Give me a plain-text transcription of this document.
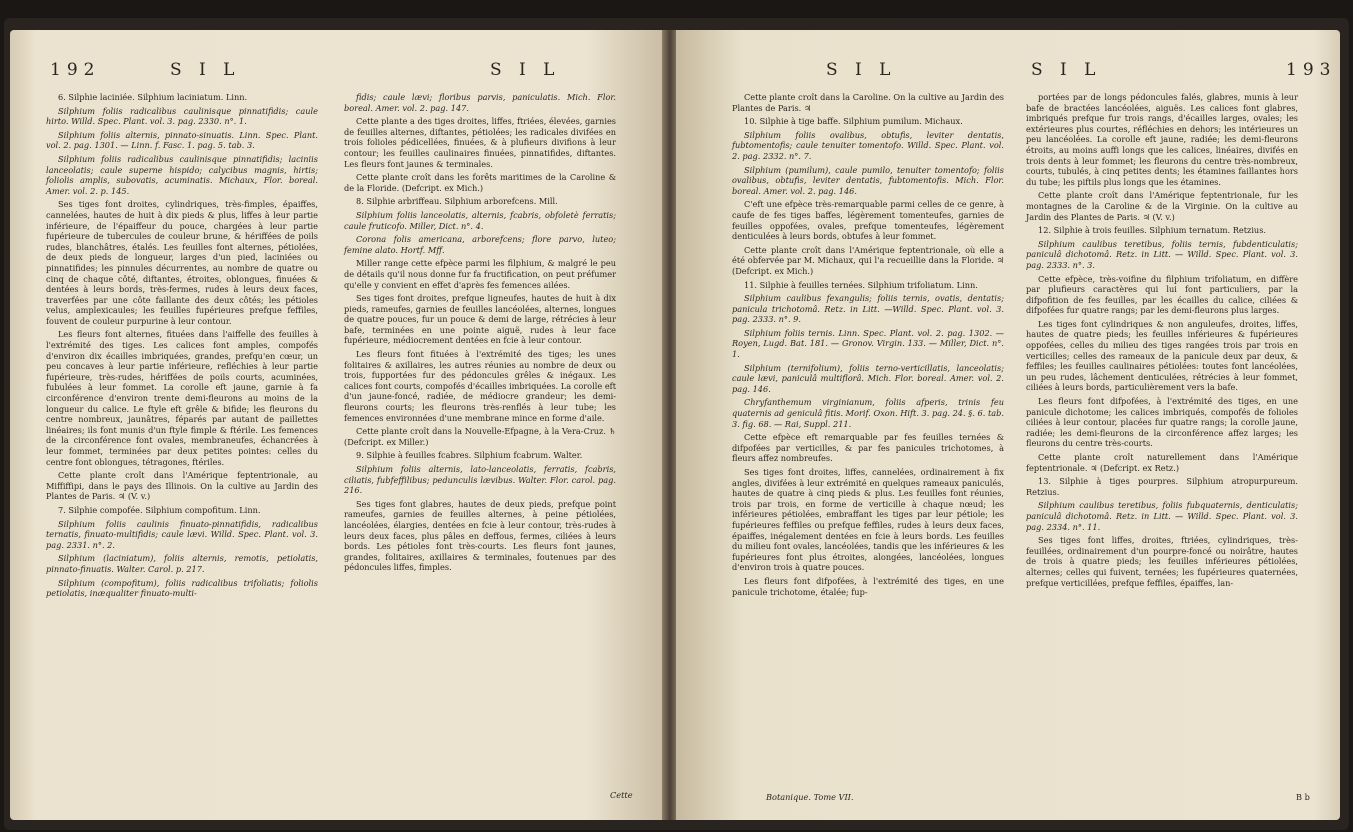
192	S I L	S I L

6. Silphie laciniée. Silphium laciniatum. Linn.

Silphium foliis radicalibus caulinisque pinnatifidis; caule hirto. Willd. Spec. Plant. vol. 3. pag. 2330. n°. 1.

Silphium foliis alternis, pinnato-sinuatis. Linn. Spec. Plant. vol. 2. pag. 1301. — Linn. f. Fasc. 1. pag. 5. tab. 3.

Silphium foliis radicalibus caulinisque pinnatifidis; laciniis lanceolatis; caule superne hispido; calycibus magnis, hirtis; foliolis amplis, subovatis, acuminatis. Michaux, Flor. boreal. Amer. vol. 2. p. 145.

Ses tiges font droites, cylindriques, très-fimples, épaiffes, cannelées, hautes de huit à dix pieds & plus, liffes à leur partie inférieure, de l'épaiffeur du pouce, chargées à leur partie fupérieure de tubercules de couleur brune, & hériffées de poils rudes, blanchâtres, étalés. Les feuilles font alternes, pétiolées, de deux pieds de longueur, larges d'un pied, laciniées ou pinnatifides; les pinnules décurrentes, au nombre de quatre ou cinq de chaque côté, diftantes, étroites, oblongues, finuées & dentées à leurs bords, très-fermes, rudes à leurs deux faces, traverfées par une côte faillante des deux côtés; les pétioles velus, amplexicaules; les feuilles fupérieures prefque feffiles, fouvent de couleur purpurine à leur contour.

Les fleurs font alternes, fituées dans l'aiffelle des feuilles à l'extrémité des tiges. Les calices font amples, compofés d'environ dix écailles imbriquées, grandes, prefqu'en cœur, un peu concaves à leur partie inférieure, refléchies à leur partie fupérieure, très-rudes, hériffées de poils courts, acuminées, fubulées à leur fommet. La corolle eft jaune, garnie à fa circonférence d'environ trente demi-fleurons au moins de la longueur du calice. Le ftyle eft grêle & bifide; les fleurons du centre nombreux, jaunâtres, féparés par autant de paillettes linéaires; ils font munis d'un ftyle fimple & ftérile. Les femences de la circonférence font ovales, membraneufes, échancrées à leur fommet, terminées par deux petites pointes: celles du centre font oblongues, tétragones, ftériles.

Cette plante croît dans l'Amérique feptentrionale, au Miffiffipi, dans le pays des Illinois. On la cultive au Jardin des Plantes de Paris. ♃ (V. v.)

7. Silphie compofée. Silphium compofitum. Linn.

Silphium foliis caulinis finuato-pinnatifidis, radicalibus ternatis, finuato-multifidis; caule lævi. Willd. Spec. Plant. vol. 3. pag. 2331. n°. 2.

Silphium (laciniatum), foliis alternis, remotis, petiolatis, pinnato-finuatis. Walter. Carol. p. 217.

Silphium (compofitum), foliis radicalibus trifoliatis; foliolis petiolatis, inæqualiter finuato-multi-

fidis; caule lævi; floribus parvis, paniculatis. Mich. Flor. boreal. Amer. vol. 2. pag. 147.

Cette plante a des tiges droites, liffes, ftriées, élevées, garnies de feuilles alternes, diftantes, pétiolées; les radicales divifées en trois folioles pédicellées, finuées, & à plufieurs divifions à leur contour; les feuilles caulinaires finuées, pinnatifides, diftantes. Les fleurs font jaunes & terminales.

Cette plante croît dans les forêts maritimes de la Caroline & de la Floride. (Defcript. ex Mich.)

8. Silphie arbriffeau. Silphium arborefcens. Mill.

Silphium foliis lanceolatis, alternis, fcabris, obfoletè ferratis; caule fruticofo. Miller, Dict. n°. 4.

Corona folis americana, arborefcens; flore parvo, luteo; femine alato. Hortf. Mff.

Miller range cette efpèce parmi les filphium, & malgré le peu de détails qu'il nous donne fur fa fructification, on peut préfumer qu'elle y convient en effet d'après fes femences ailées.

Ses tiges font droites, prefque ligneufes, hautes de huit à dix pieds, rameufes, garnies de feuilles lancéolées, alternes, longues de quatre pouces, fur un pouce & demi de large, rétrécies à leur bafe, terminées en une pointe aiguë, rudes à leur face fupérieure, médiocrement dentées en fcie à leur contour.

Les fleurs font fituées à l'extrémité des tiges; les unes folitaires & axillaires, les autres réunies au nombre de deux ou trois, fupportées fur des pédoncules grêles & inégaux. Les calices font courts, compofés d'écailles imbriquées. La corolle eft d'un jaune-foncé, radiée, de médiocre grandeur; les demi-fleurons courts; les fleurons très-renflés à leur tube; les femences environnées d'une membrane mince en forme d'aile.

Cette plante croît dans la Nouvelle-Efpagne, à la Vera-Cruz. ♄ (Defcript. ex Miller.)

9. Silphie à feuilles fcabres. Silphium fcabrum. Walter.

Silphium foliis alternis, lato-lanceolatis, ferratis, fcabris, ciliatis, fubfeffilibus; pedunculis lævibus. Walter. Flor. carol. pag. 216.

Ses tiges font glabres, hautes de deux pieds, prefque point rameufes, garnies de feuilles alternes, à peine pétiolées, lancéolées, élargies, dentées en fcie à leur contour, très-rudes à leurs deux faces, plus pâles en deffous, fermes, ciliées à leurs bords. Les pétioles font très-courts. Les fleurs font jaunes, grandes, folitaires, axillaires & terminales, foutenues par des pédoncules liffes, fimples.

Cette
S I L	S I L	193

Cette plante croît dans la Caroline. On la cultive au Jardin des Plantes de Paris. ♃

10. Silphie à tige baffe. Silphium pumilum. Michaux.

Silphium foliis ovalibus, obtufis, leviter dentatis, fubtomentofis; caule tenuiter tomentofo. Willd. Spec. Plant. vol. 2. pag. 2332. n°. 7.

Silphium (pumilum), caule pumilo, tenuiter tomentofo; foliis ovalibus, obtufis, leviter dentatis, fubtomentofis. Mich. Flor. boreal. Amer. vol. 2. pag. 146.

C'eft une efpèce très-remarquable parmi celles de ce genre, à caufe de fes tiges baffes, légèrement tomenteufes, garnies de feuilles oppofées, ovales, prefque tomenteufes, légèrement denticulées à leurs bords, obtufes à leur fommet.

Cette plante croît dans l'Amérique feptentrionale, où elle a été obfervée par M. Michaux, qui l'a recueillie dans la Floride. ♃ (Defcript. ex Mich.)

11. Silphie à feuilles ternées. Silphium trifoliatum. Linn.

Silphium caulibus fexangulis; foliis ternis, ovatis, dentatis; panicula trichotomâ. Retz. in Litt. —Willd. Spec. Plant. vol. 3. pag. 2333. n°. 9.

Silphium foliis ternis. Linn. Spec. Plant. vol. 2. pag. 1302. — Royen, Lugd. Bat. 181. — Gronov. Virgin. 133. — Miller, Dict. n°. 1.

Silphium (ternifolium), foliis terno-verticillatis, lanceolatis; caule lævi, paniculâ multiflorâ. Mich. Flor. boreal. Amer. vol. 2. pag. 146.

Chryfanthemum virginianum, foliis afperis, trinis feu quaternis ad geniculâ fitis. Morif. Oxon. Hift. 3. pag. 24. §. 6. tab. 3. fig. 68. — Rai, Suppl. 211.

Cette efpèce eft remarquable par fes feuilles ternées & difpofées par verticilles, & par fes panicules trichotomes, à fleurs affez nombreufes.

Ses tiges font droites, liffes, cannelées, ordinairement à fix angles, divifées à leur extrémité en quelques rameaux paniculés, hautes de quatre à cinq pieds & plus. Les feuilles font réunies, trois par trois, en forme de verticille à chaque nœud; les inférieures pétiolées, embraffant les tiges par leur pétiole; les fupérieures feffiles ou prefque feffiles, rudes à leurs deux faces, épaiffes, inégalement dentées en fcie à leurs bords. Les feuilles du milieu font ovales, lancéolées, tandis que les inférieures & les fupérieures font plus étroites, alongées, lancéolées, longues d'environ trois à quatre pouces.

Les fleurs font difpofées, à l'extrémité des tiges, en une panicule trichotome, étalée; fup-

portées par de longs pédoncules falés, glabres, munis à leur bafe de bractées lancéolées, aiguës. Les calices font glabres, imbriqués prefque fur trois rangs, d'écailles larges, ovales; les extérieures plus courtes, réfléchies en dehors; les intérieures un peu lancéolées. La corolle eft jaune, radiée; les demi-fleurons étroits, au moins auffi longs que les calices, linéaires, divifés en trois dents à leur fommet; les fleurons du centre très-nombreux, courts, tubulés, à cinq petites dents; les étamines faillantes hors du tube; les piftils plus longs que les étamines.

Cette plante croît dans l'Amérique feptentrionale, fur les montagnes de la Caroline & de la Virginie. On la cultive au Jardin des Plantes de Paris. ♃ (V. v.)

12. Silphie à trois feuilles. Silphium ternatum. Retzius.

Silphium caulibus teretibus, foliis ternis, fubdenticulatis; paniculâ dichotomâ. Retz. in Litt. — Willd. Spec. Plant. vol. 3. pag. 2333. n°. 3.

Cette efpèce, très-voifine du filphium trifoliatum, en diffère par plufieurs caractères qui lui font particuliers, par la difpofition de fes feuilles, par les écailles du calice, ciliées & difpofées fur quatre rangs; par les demi-fleurons plus larges.

Les tiges font cylindriques & non anguleufes, droites, liffes, hautes de quatre pieds; les feuilles inférieures & fupérieures oppofées, celles du milieu des tiges rangées trois par trois en verticilles; celles des rameaux de la panicule deux par deux, & feffiles; les feuilles caulinaires pétiolées: toutes font lancéolées, un peu rudes, lâchement denticulées, rétrécies à leur fommet, ciliées à leurs bords, particulièrement vers la bafe.

Les fleurs font difpofées, à l'extrémité des tiges, en une panicule dichotome; les calices imbriqués, compofés de folioles ciliées à leur contour, placées fur quatre rangs; la corolle jaune, radiée; les demi-fleurons de la circonférence affez larges; les fleurons du centre très-courts.

Cette plante croît naturellement dans l'Amérique feptentrionale. ♃ (Defcript. ex Retz.)

13. Silphie à tiges pourpres. Silphium atropurpureum. Retzius.

Silphium caulibus teretibus, foliis fubquaternis, denticulatis; paniculâ dichotomâ. Retz. in Litt. — Willd. Spec. Plant. vol. 3. pag. 2334. n°. 11.

Ses tiges font liffes, droites, ftriées, cylindriques, très-feuillées, ordinairement d'un pourpre-foncé ou noirâtre, hautes de trois à quatre pieds; les feuilles inférieures pétiolées, alternes; celles qui fuivent, ternées; les fupérieures quaternées, prefque verticillées, prefque feffiles, épaiffes, lan-

Botanique. Tome VII.	B b
